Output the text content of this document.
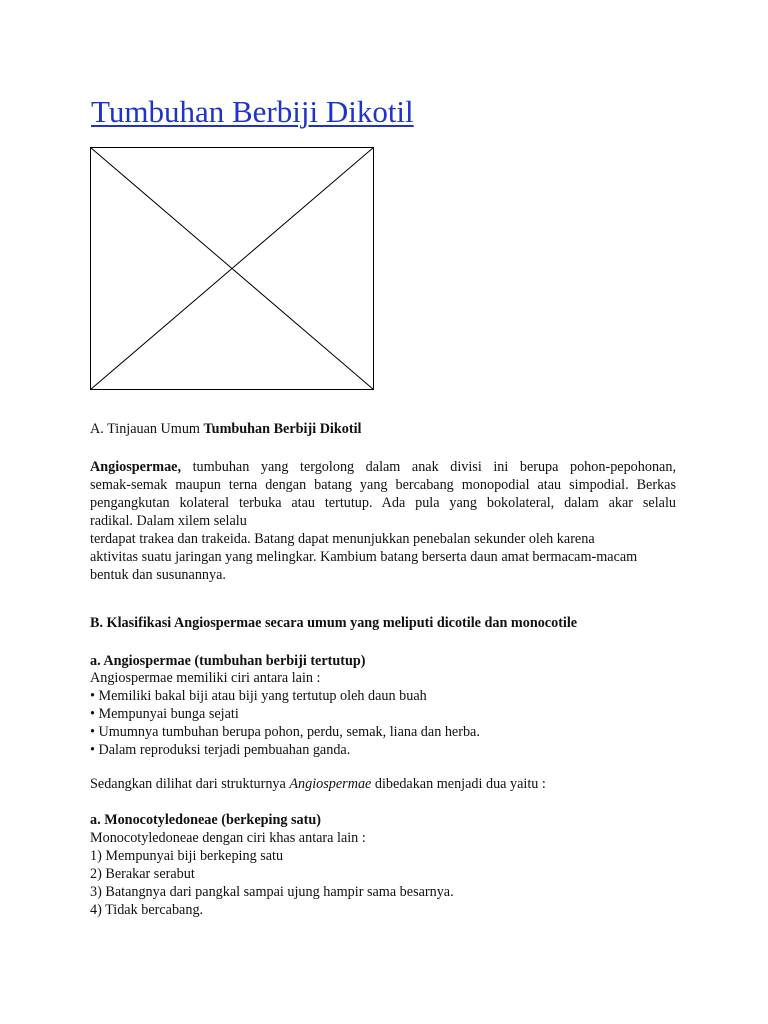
Tumbuhan Berbiji Dikotil

A. Tinjauan Umum Tumbuhan Berbiji Dikotil

Angiospermae, tumbuhan yang tergolong dalam anak divisi ini berupa pohon-pepohonan,

semak-semak maupun terna dengan batang yang bercabang monopodial atau simpodial. Berkas

pengangkutan kolateral terbuka atau tertutup. Ada pula yang bokolateral, dalam akar selalu

radikal. Dalam xilem selalu

terdapat trakea dan trakeida. Batang dapat menunjukkan penebalan sekunder oleh karena

aktivitas suatu jaringan yang melingkar. Kambium batang berserta daun amat bermacam-macam

bentuk dan susunannya.

B. Klasifikasi Angiospermae secara umum yang meliputi dicotile dan monocotile

a. Angiospermae (tumbuhan berbiji tertutup)

Angiospermae memiliki ciri antara lain :

• Memiliki bakal biji atau biji yang tertutup oleh daun buah

• Mempunyai bunga sejati

• Umumnya tumbuhan berupa pohon, perdu, semak, liana dan herba.

• Dalam reproduksi terjadi pembuahan ganda.

Sedangkan dilihat dari strukturnya Angiospermae dibedakan menjadi dua yaitu :

a. Monocotyledoneae (berkeping satu)

Monocotyledoneae dengan ciri khas antara lain :

1) Mempunyai biji berkeping satu

2) Berakar serabut

3) Batangnya dari pangkal sampai ujung hampir sama besarnya.

4) Tidak bercabang.
